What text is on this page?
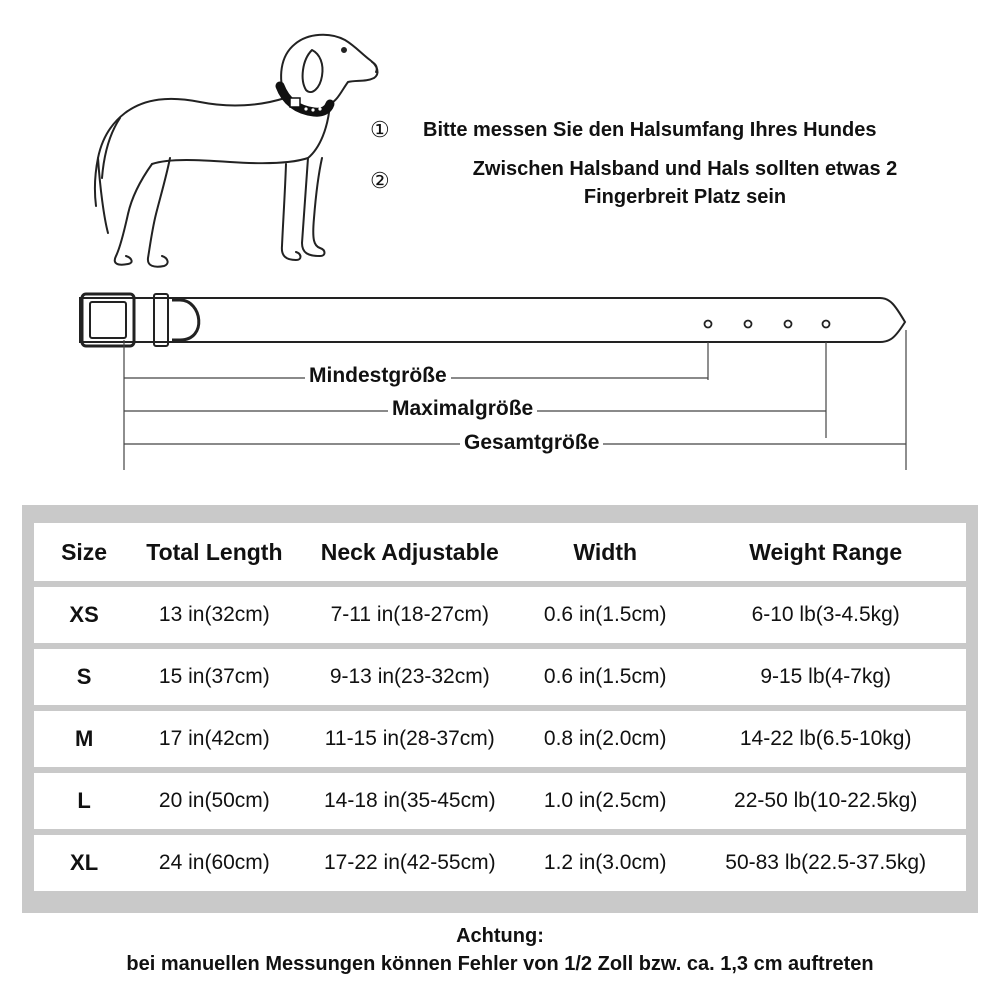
① Bitte messen Sie den Halsumfang Ihres Hundes
②	Zwischen Halsband und Hals sollten etwas 2
Fingerbreit Platz sein
Mindestgröße
Maximalgröße
Gesamtgröße
Size	Total Length	Neck Adjustable	Width	Weight Range
XS	13 in(32cm)	7-11 in(18-27cm)	0.6 in(1.5cm)	6-10 lb(3-4.5kg)
S	15 in(37cm)	9-13 in(23-32cm)	0.6 in(1.5cm)	9-15 lb(4-7kg)
M	17 in(42cm)	11-15 in(28-37cm)	0.8 in(2.0cm)	14-22 lb(6.5-10kg)
L	20 in(50cm)	14-18 in(35-45cm)	1.0 in(2.5cm)	22-50 lb(10-22.5kg)
XL	24 in(60cm)	17-22 in(42-55cm)	1.2 in(3.0cm)	50-83 lb(22.5-37.5kg)
Achtung:
bei manuellen Messungen können Fehler von 1/2 Zoll bzw. ca. 1,3 cm auftreten
